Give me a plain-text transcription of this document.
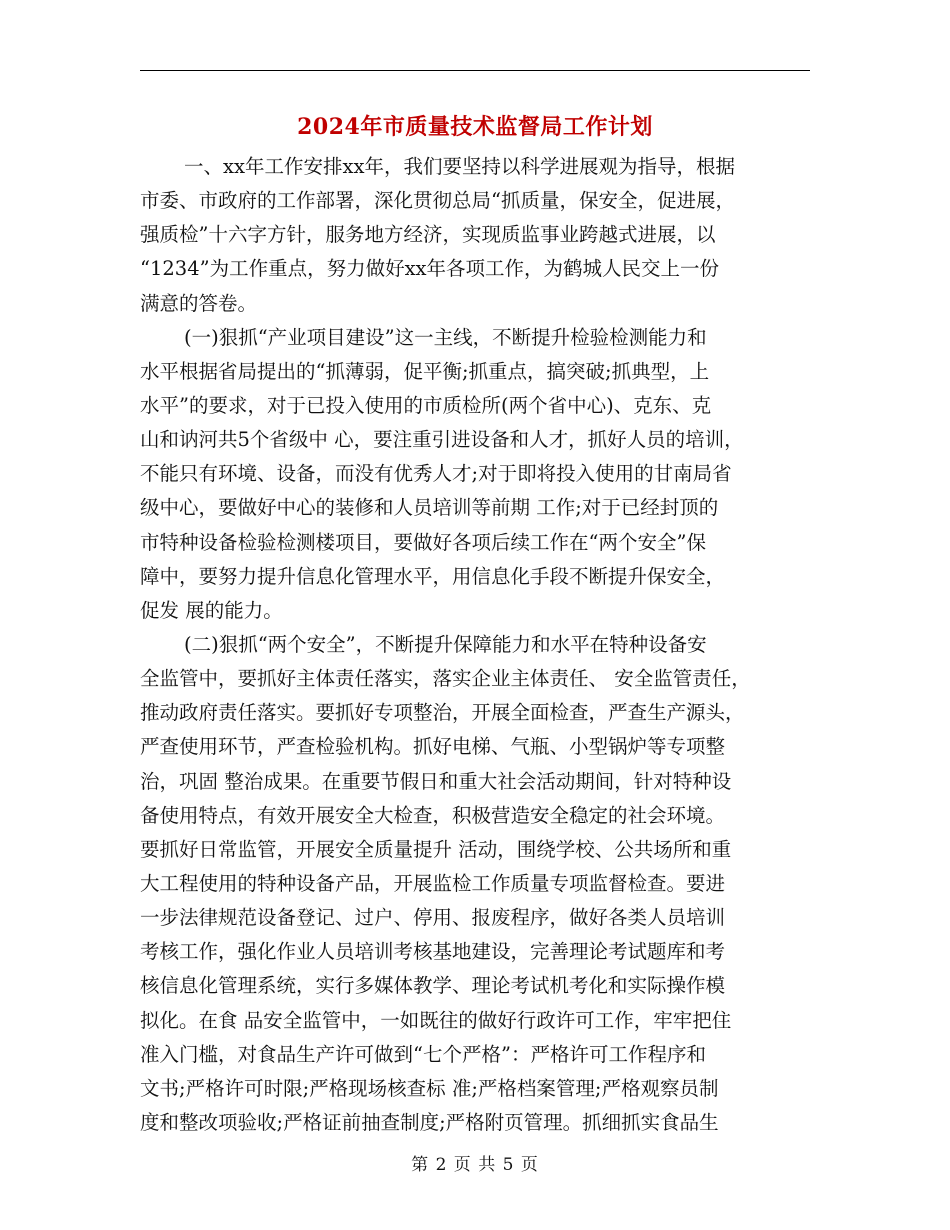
2024年市质量技术监督局工作计划
一、xx年工作安排xx年，我们要坚持以科学进展观为指导，根据
市委、市政府的工作部署，深化贯彻总局“抓质量，保安全，促进展，
强质检”十六字方针，服务地方经济，实现质监事业跨越式进展，以
“1234”为工作重点，努力做好xx年各项工作，为鹤城人民交上一份
满意的答卷。
(一)狠抓“产业项目建设”这一主线，不断提升检验检测能力和
水平根据省局提出的“抓薄弱，促平衡;抓重点，搞突破;抓典型，上
水平”的要求，对于已投入使用的市质检所(两个省中心)、克东、克
山和讷河共5个省级中 心，要注重引进设备和人才，抓好人员的培训，
不能只有环境、设备，而没有优秀人才;对于即将投入使用的甘南局省
级中心，要做好中心的装修和人员培训等前期 工作;对于已经封顶的
市特种设备检验检测楼项目，要做好各项后续工作在“两个安全”保
障中，要努力提升信息化管理水平，用信息化手段不断提升保安全，
促发 展的能力。
(二)狠抓“两个安全”，不断提升保障能力和水平在特种设备安
全监管中，要抓好主体责任落实，落实企业主体责任、 安全监管责任，
推动政府责任落实。要抓好专项整治，开展全面检查，严查生产源头，
严查使用环节，严查检验机构。抓好电梯、气瓶、小型锅炉等专项整
治，巩固 整治成果。在重要节假日和重大社会活动期间，针对特种设
备使用特点，有效开展安全大检查，积极营造安全稳定的社会环境。
要抓好日常监管，开展安全质量提升 活动，围绕学校、公共场所和重
大工程使用的特种设备产品，开展监检工作质量专项监督检查。要进
一步法律规范设备登记、过户、停用、报废程序，做好各类人员培训
考核工作，强化作业人员培训考核基地建设，完善理论考试题库和考
核信息化管理系统，实行多媒体教学、理论考试机考化和实际操作模
拟化。在食 品安全监管中，一如既往的做好行政许可工作，牢牢把住
准入门槛，对食品生产许可做到“七个严格”：严格许可工作程序和
文书;严格许可时限;严格现场核查标 准;严格档案管理;严格观察员制
度和整改项验收;严格证前抽查制度;严格附页管理。抓细抓实食品生
第 2 页 共 5 页
